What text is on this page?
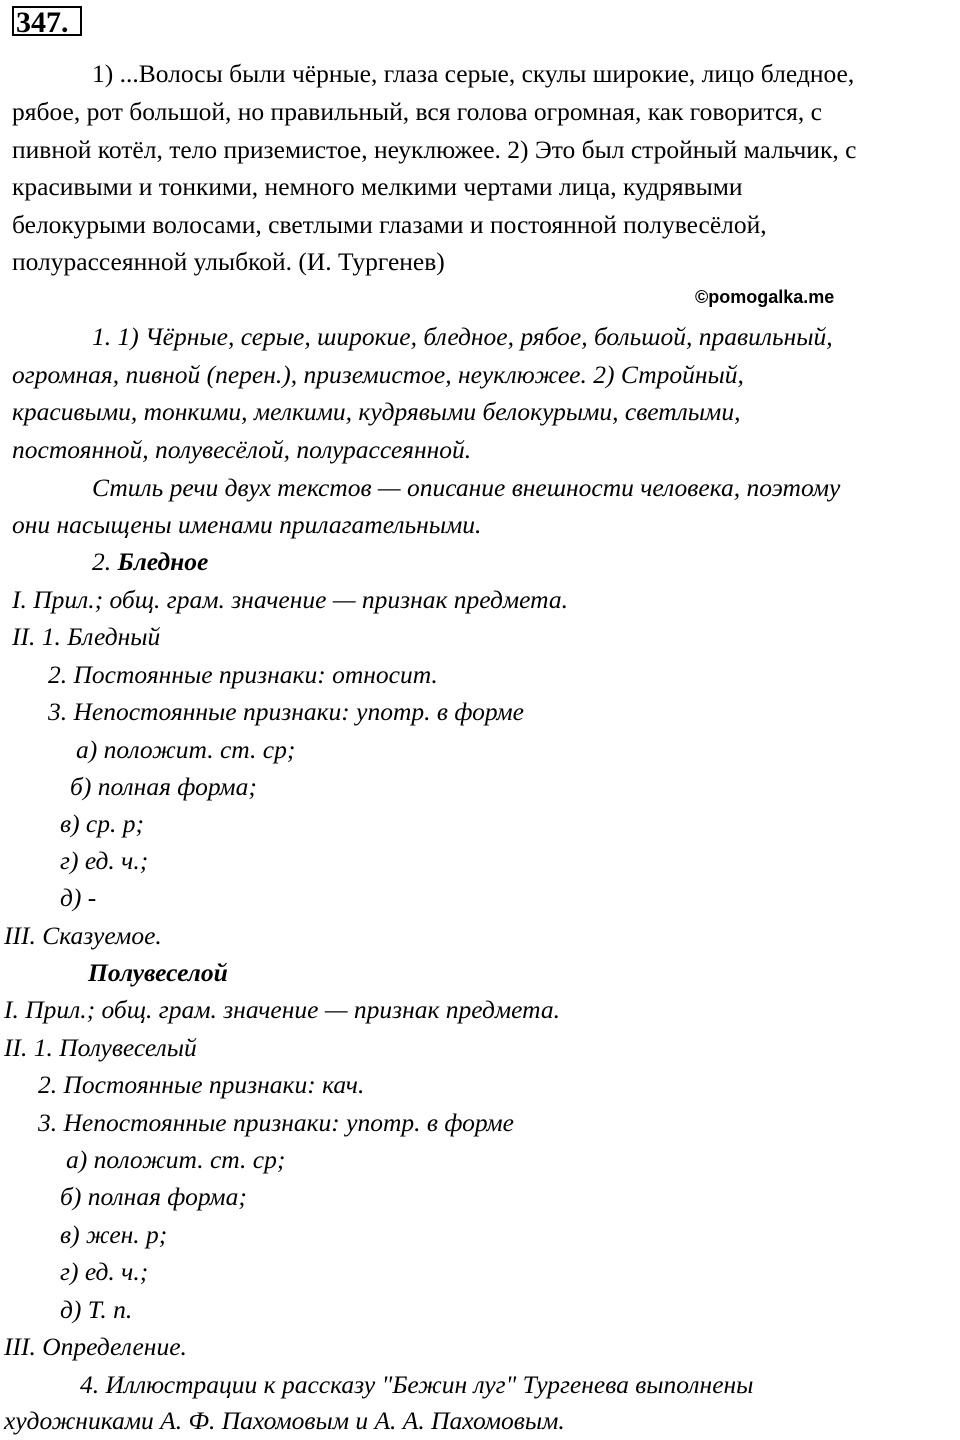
347.
1) ...Волосы были чёрные, глаза серые, скулы широкие, лицо бледное,
рябое, рот большой, но правильный, вся голова огромная, как говорится, с
пивной котёл, тело приземистое, неуклюжее. 2) Это был стройный мальчик, с
красивыми и тонкими, немного мелкими чертами лица, кудрявыми
белокурыми волосами, светлыми глазами и постоянной полувесёлой,
полурассеянной улыбкой. (И. Тургенев)
©pomogalka.me
1. 1) Чёрные, серые, широкие, бледное, рябое, большой, правильный,
огромная, пивной (перен.), приземистое, неуклюжее. 2) Стройный,
красивыми, тонкими, мелкими, кудрявыми белокурыми, светлыми,
постоянной, полувесёлой, полурассеянной.
Стиль речи двух текстов — описание внешности человека, поэтому
они насыщены именами прилагательными.
2. Бледное
I. Прил.; общ. грам. значение — признак предмета.
II. 1. Бледный
2. Постоянные признаки: относит.
3. Непостоянные признаки: употр. в форме
а) положит. ст. ср;
б) полная форма;
в) ср. р;
г) ед. ч.;
д) -
III. Сказуемое.
Полувеселой
I. Прил.; общ. грам. значение — признак предмета.
II. 1. Полувеселый
2. Постоянные признаки: кач.
3. Непостоянные признаки: употр. в форме
а) положит. ст. ср;
б) полная форма;
в) жен. р;
г) ед. ч.;
д) Т. п.
III. Определение.
4. Иллюстрации к рассказу "Бежин луг" Тургенева выполнены
художниками А. Ф. Пахомовым и А. А. Пахомовым.
